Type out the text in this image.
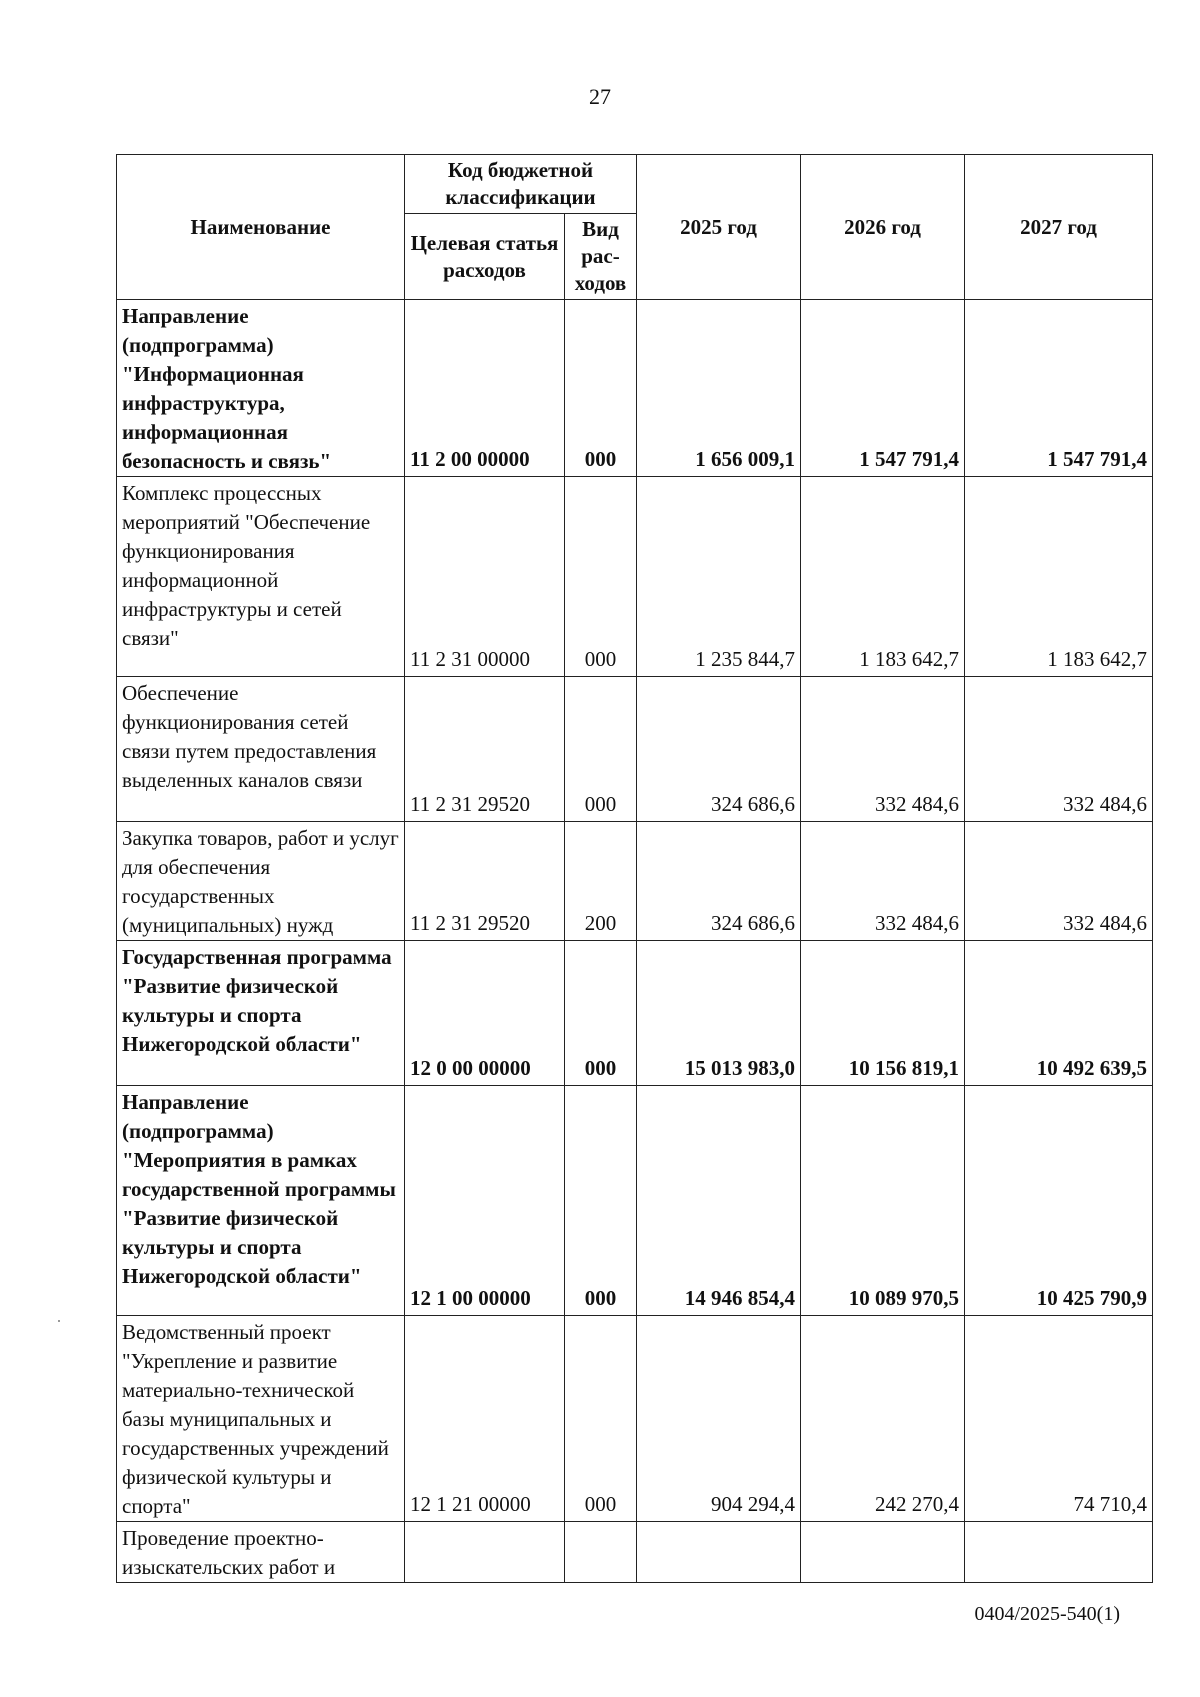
27
Наименование	Код бюджетной классификации		2025 год	2026 год	2027 год
	Целевая статья расходов	Вид рас-ходов			
Направление (подпрограмма) "Информационная инфраструктура, информационная безопасность и связь"	11 2 00 00000	000	1 656 009,1	1 547 791,4	1 547 791,4
Комплекс процессных мероприятий "Обеспечение функционирования информационной инфраструктуры и сетей связи"	11 2 31 00000	000	1 235 844,7	1 183 642,7	1 183 642,7
Обеспечение функционирования сетей связи путем предоставления выделенных каналов связи	11 2 31 29520	000	324 686,6	332 484,6	332 484,6
Закупка товаров, работ и услуг для обеспечения государственных (муниципальных) нужд	11 2 31 29520	200	324 686,6	332 484,6	332 484,6
Государственная программа "Развитие физической культуры и спорта Нижегородской области"	12 0 00 00000	000	15 013 983,0	10 156 819,1	10 492 639,5
Направление (подпрограмма) "Мероприятия в рамках государственной программы "Развитие физической культуры и спорта Нижегородской области"	12 1 00 00000	000	14 946 854,4	10 089 970,5	10 425 790,9
Ведомственный проект "Укрепление и развитие материально-технической базы муниципальных и государственных учреждений физической культуры и спорта"	12 1 21 00000	000	904 294,4	242 270,4	74 710,4
Проведение проектно-изыскательских работ и					
0404/2025-540(1)
